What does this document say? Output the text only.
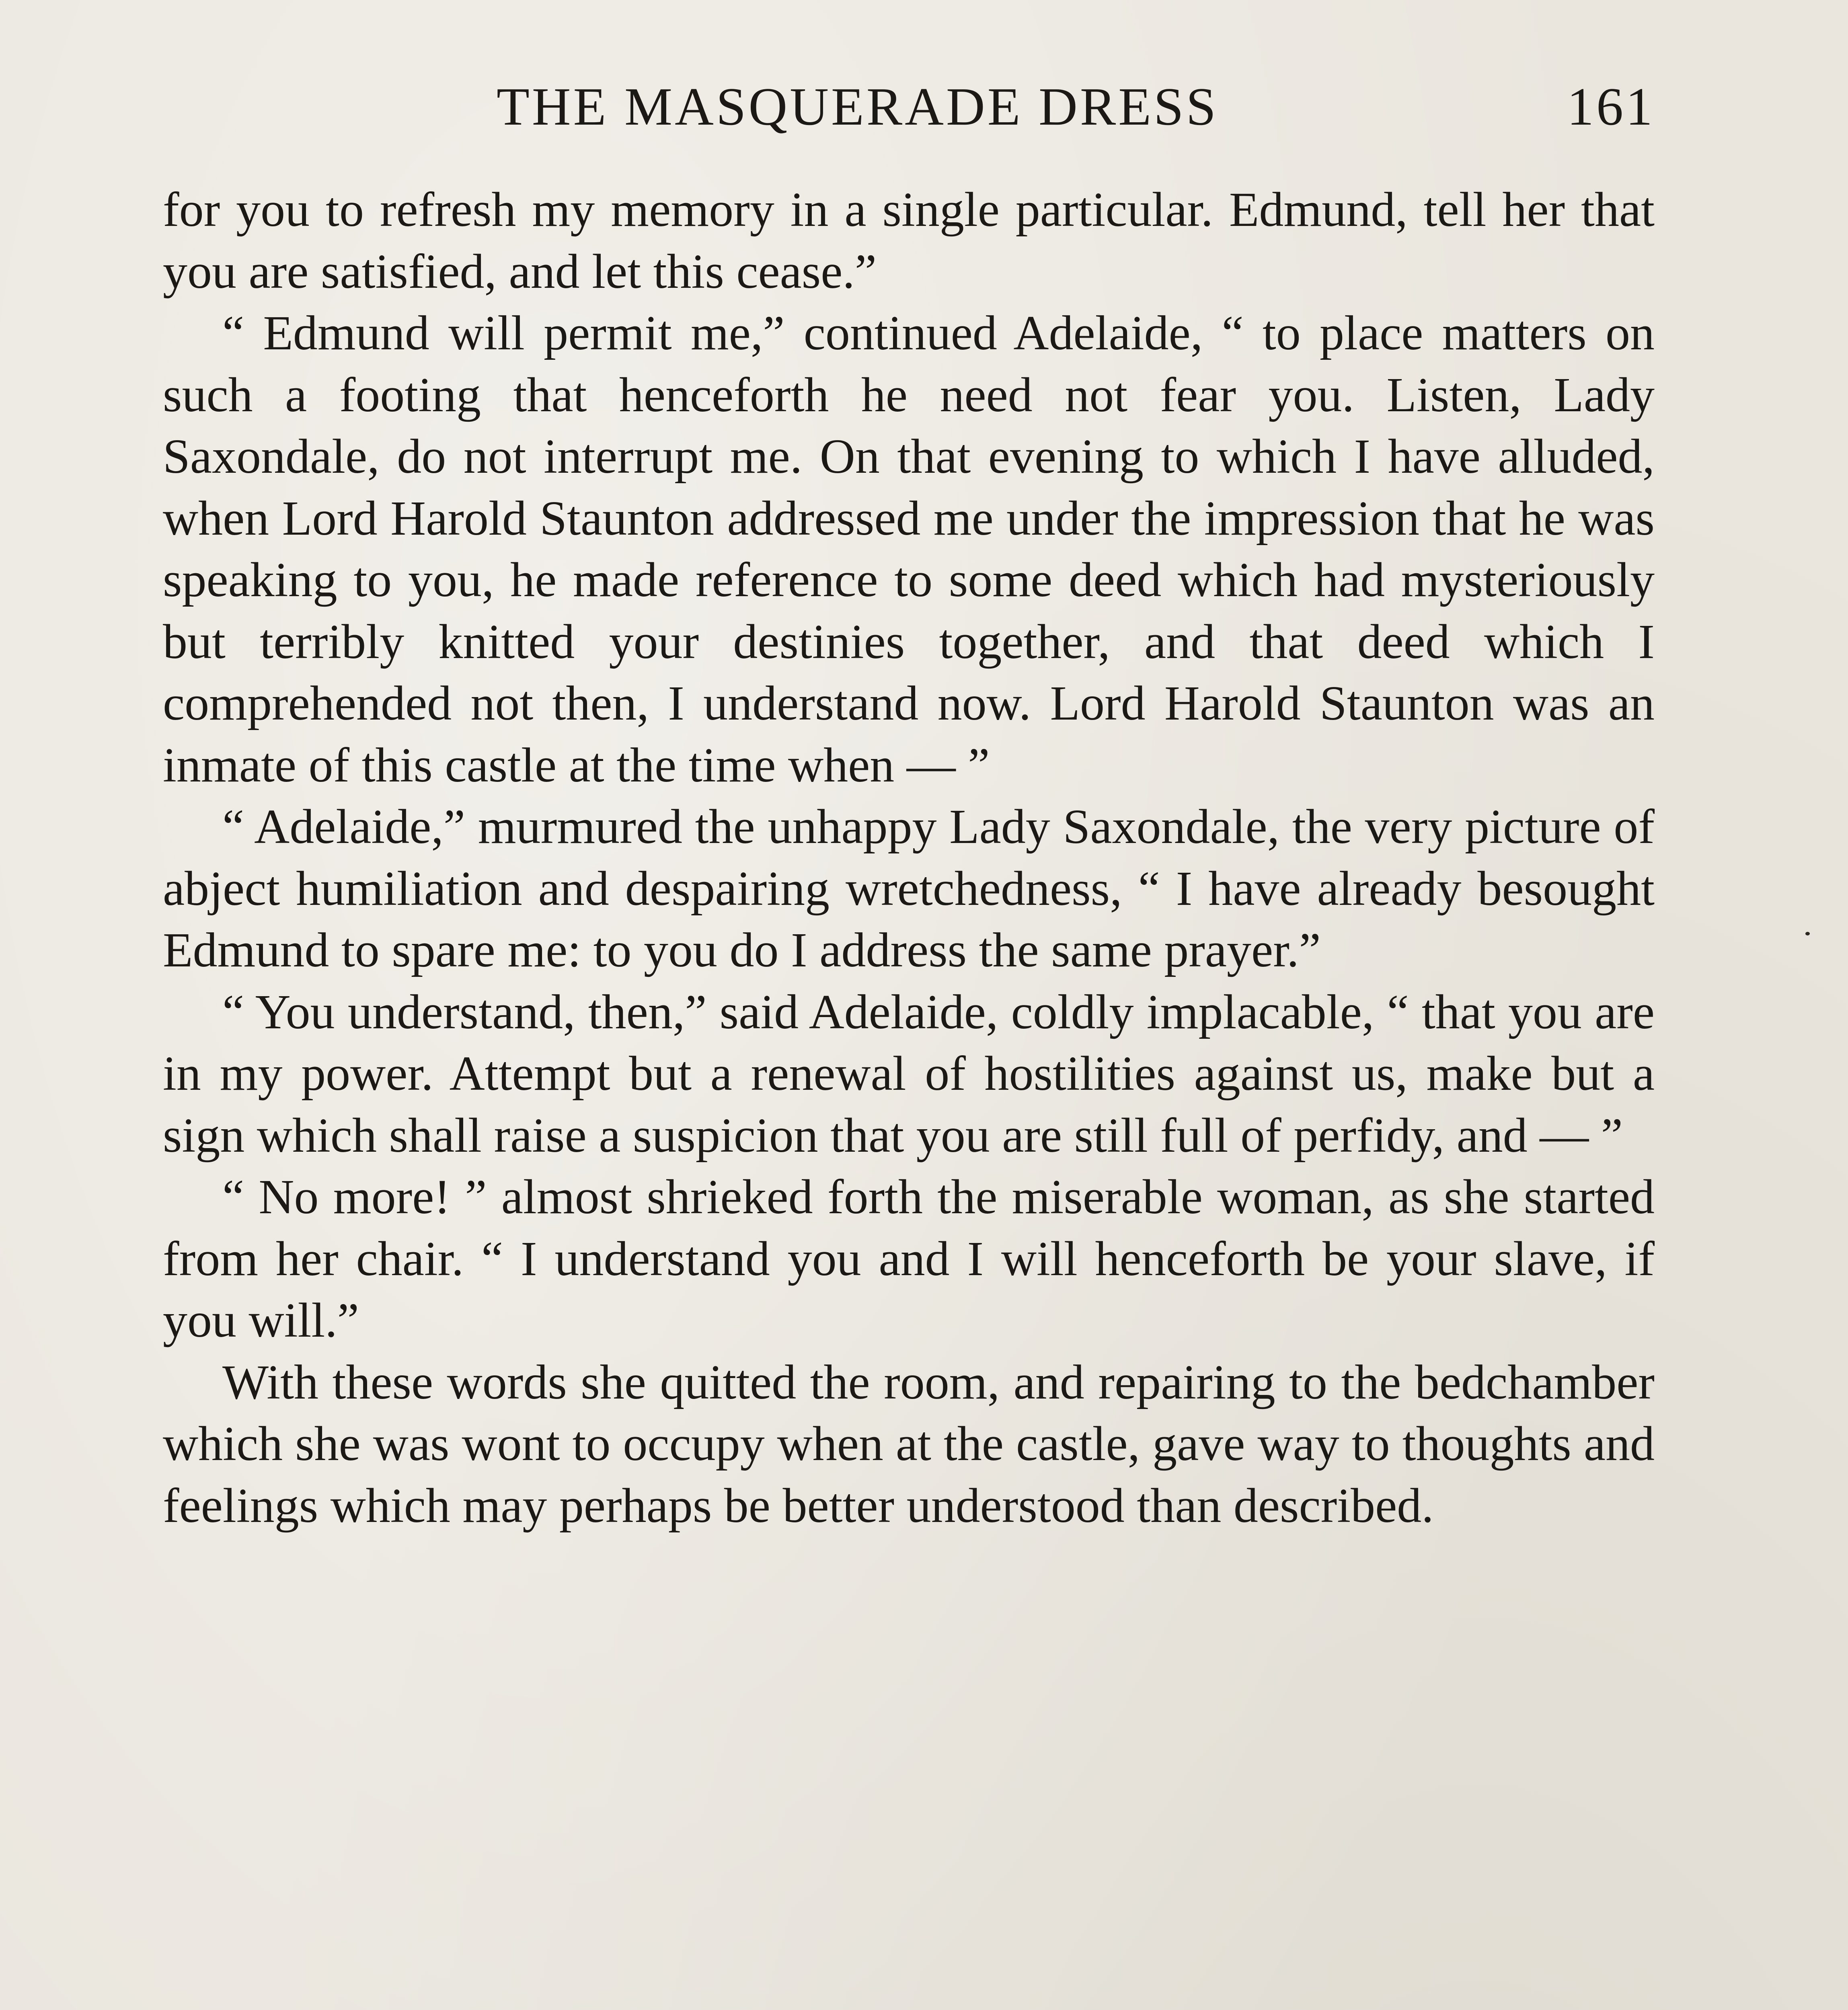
THE MASQUERADE DRESS	161

for you to refresh my memory in a single particular. Edmund, tell her that you are satisfied, and let this cease.”

“ Edmund will permit me,” continued Adelaide, “ to place matters on such a footing that henceforth he need not fear you. Listen, Lady Saxondale, do not interrupt me. On that evening to which I have alluded, when Lord Harold Staunton addressed me under the impression that he was speaking to you, he made reference to some deed which had mysteriously but terribly knitted your destinies together, and that deed which I comprehended not then, I understand now. Lord Harold Staunton was an inmate of this castle at the time when — ”

“ Adelaide,” murmured the unhappy Lady Saxondale, the very picture of abject humiliation and despairing wretchedness, “ I have already besought Edmund to spare me: to you do I address the same prayer.”

“ You understand, then,” said Adelaide, coldly implacable, “ that you are in my power. Attempt but a renewal of hostilities against us, make but a sign which shall raise a suspicion that you are still full of perfidy, and — ”

“ No more! ” almost shrieked forth the miserable woman, as she started from her chair. “ I understand you and I will henceforth be your slave, if you will.”

With these words she quitted the room, and repairing to the bedchamber which she was wont to occupy when at the castle, gave way to thoughts and feelings which may perhaps be better understood than described.
